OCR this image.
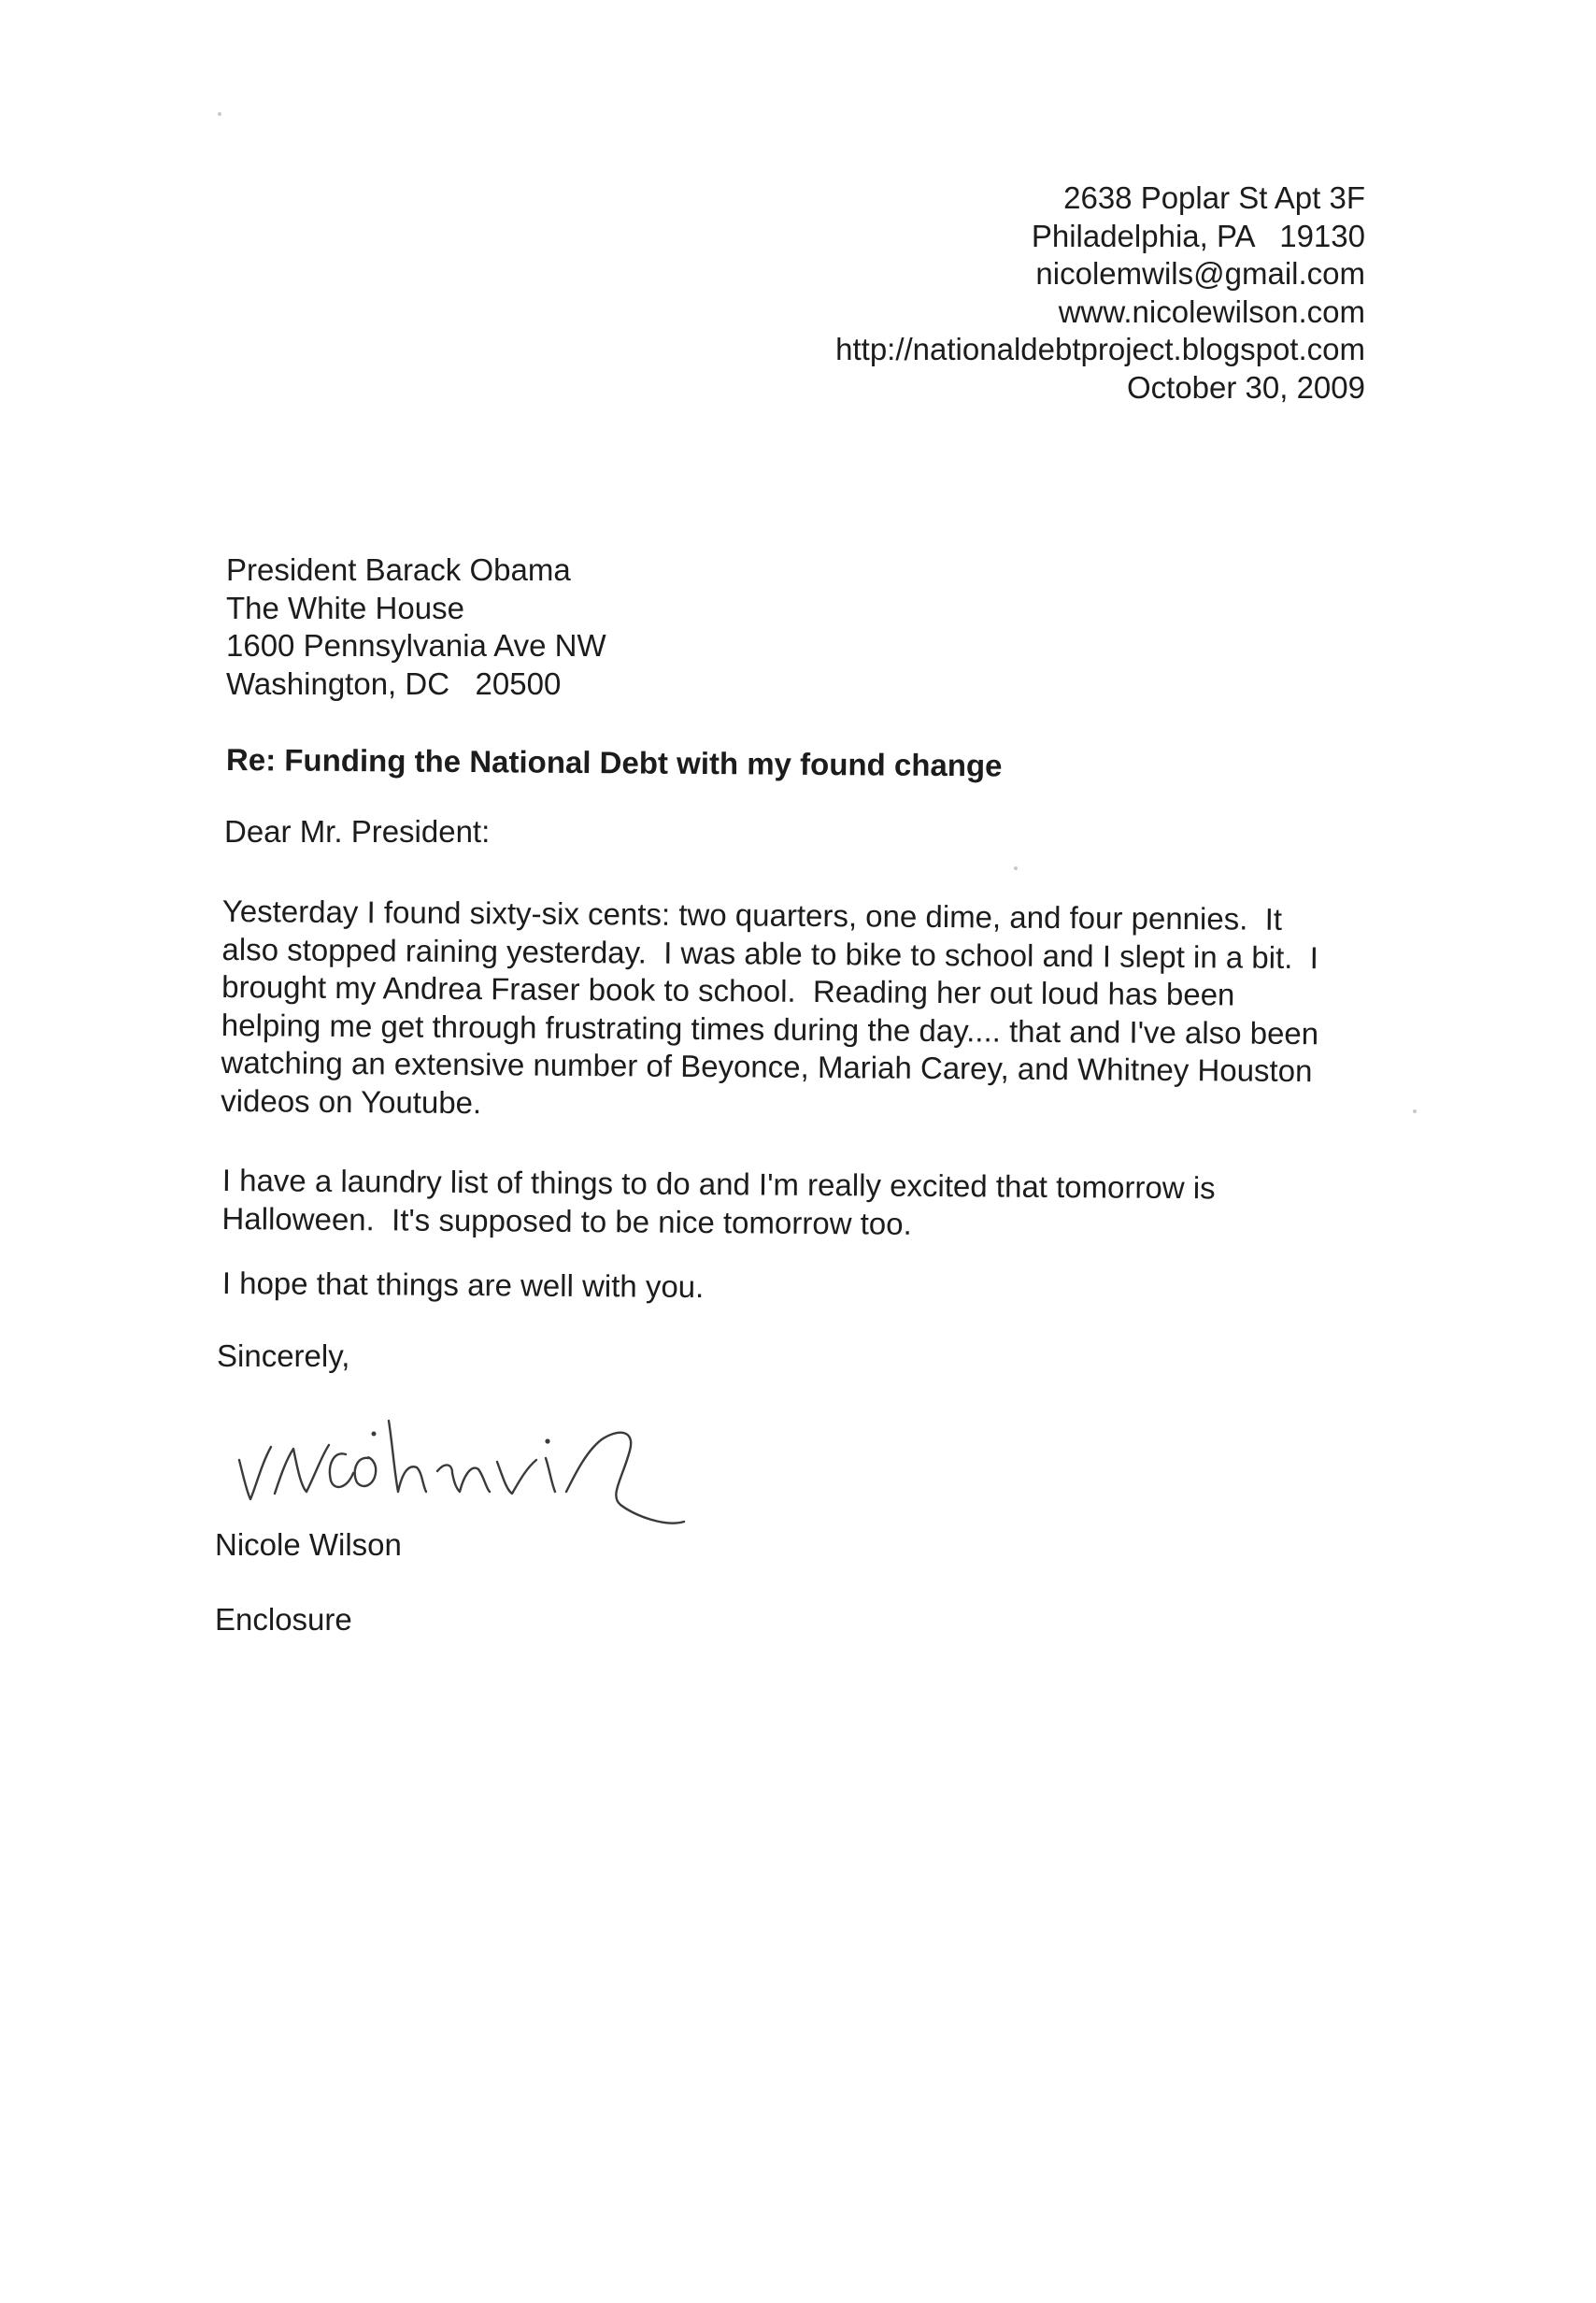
2638 Poplar St Apt 3F
Philadelphia, PA   19130
nicolemwils@gmail.com
www.nicolewilson.com
http://nationaldebtproject.blogspot.com
October 30, 2009
President Barack Obama
The White House
1600 Pennsylvania Ave NW
Washington, DC   20500
Re: Funding the National Debt with my found change
Dear Mr. President:
Yesterday I found sixty-six cents: two quarters, one dime, and four pennies.  It
also stopped raining yesterday.  I was able to bike to school and I slept in a bit.  I
brought my Andrea Fraser book to school.  Reading her out loud has been
helping me get through frustrating times during the day.... that and I've also been
watching an extensive number of Beyonce, Mariah Carey, and Whitney Houston
videos on Youtube.
I have a laundry list of things to do and I'm really excited that tomorrow is
Halloween.  It's supposed to be nice tomorrow too.
I hope that things are well with you.
Sincerely,
Nicole Wilson
Enclosure
